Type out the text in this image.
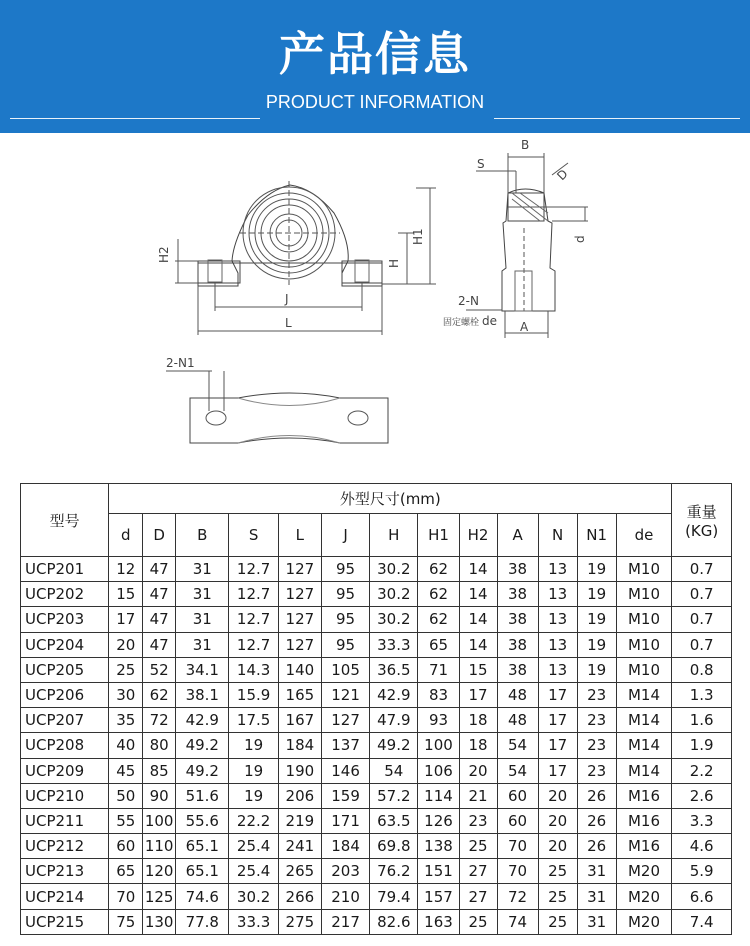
产品信息
PRODUCT INFORMATION
H2
H
H1
J
L
B
S
D
d
2-N
固定螺栓 de A
2-N1
型号	外型尺寸(mm)													重量
(KG)

	d	D	B	S	L	J	H	H1	H2	A	N	N1	de	
UCP201	12	47	31	12.7	127	95	30.2	62	14	38	13	19	M10	0.7
UCP202	15	47	31	12.7	127	95	30.2	62	14	38	13	19	M10	0.7
UCP203	17	47	31	12.7	127	95	30.2	62	14	38	13	19	M10	0.7
UCP204	20	47	31	12.7	127	95	33.3	65	14	38	13	19	M10	0.7
UCP205	25	52	34.1	14.3	140	105	36.5	71	15	38	13	19	M10	0.8
UCP206	30	62	38.1	15.9	165	121	42.9	83	17	48	17	23	M14	1.3
UCP207	35	72	42.9	17.5	167	127	47.9	93	18	48	17	23	M14	1.6
UCP208	40	80	49.2	19	184	137	49.2	100	18	54	17	23	M14	1.9
UCP209	45	85	49.2	19	190	146	54	106	20	54	17	23	M14	2.2
UCP210	50	90	51.6	19	206	159	57.2	114	21	60	20	26	M16	2.6
UCP211	55	100	55.6	22.2	219	171	63.5	126	23	60	20	26	M16	3.3
UCP212	60	110	65.1	25.4	241	184	69.8	138	25	70	20	26	M16	4.6
UCP213	65	120	65.1	25.4	265	203	76.2	151	27	70	25	31	M20	5.9
UCP214	70	125	74.6	30.2	266	210	79.4	157	27	72	25	31	M20	6.6
UCP215	75	130	77.8	33.3	275	217	82.6	163	25	74	25	31	M20	7.4
